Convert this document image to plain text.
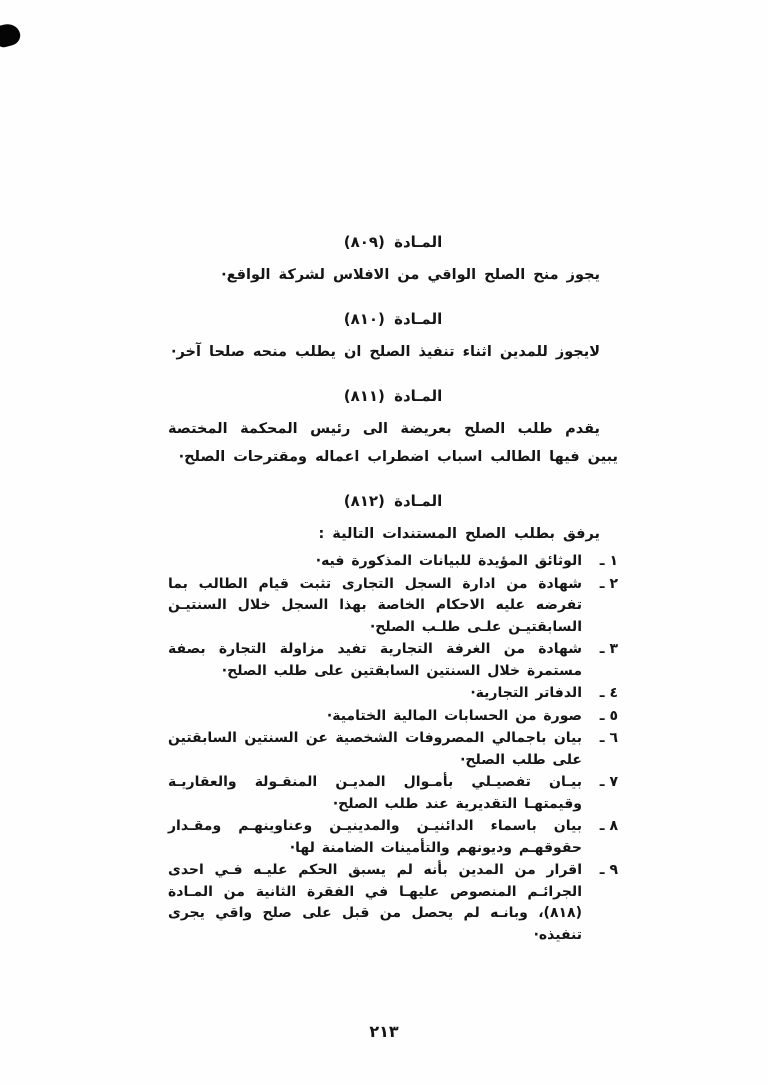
المـادة (٨٠٩)

يجوز منح الصلح الواقي من الافلاس لشركة الواقع·

المـادة (٨١٠)

لايجوز للمدين اثناء تنفيذ الصلح ان يطلب منحه صلحا آخر·

المـادة (٨١١)

يقدم طلب الصلح بعريضة الى رئيس المحكمة المختصة يبين فيها الطالب اسباب اضطراب اعماله ومقترحات الصلح·

المـادة (٨١٢)

يرفق بطلب الصلح المستندات التالية :

١ ـ
الوثائق المؤيدة للبيانات المذكورة فيه·
٢ ـ
شهادة من ادارة السجل التجارى تثبت قيام الطالب بما تفرضه عليه الاحكام الخاصة بهذا السجل خلال السنتيـن السابقتيـن علـى طلـب الصلح·
٣ ـ
شهادة من الغرفة التجارية تفيد مزاولة التجارة بصفة مستمرة خلال السنتين السابقتين على طلب الصلح·
٤ ـ
الدفاتر التجارية·
٥ ـ
صورة من الحسابات المالية الختامية·
٦ ـ
بيان باجمالي المصروفات الشخصية عن السنتين السابقتين على طلب الصلح·
٧ ـ
بيـان تفصيـلي بأمـوال المديـن المنقـولة والعقاريـة وقيمتهـا التقديرية عند طلب الصلح·
٨ ـ
بيان باسماء الدائنيـن والمدينيـن وعناوينهـم ومقـدار حقوقهـم وديونهم والتأمينات الضامنة لها·
٩ ـ
اقرار من المدين بأنه لم يسبق الحكم عليـه فـي احدى الجرائـم المنصوص عليهـا في الفقرة الثانية من المـادة (٨١٨)، وبانـه لم يحصل من قبل على صلح واقي يجرى تنفيذه·
٢١٣
